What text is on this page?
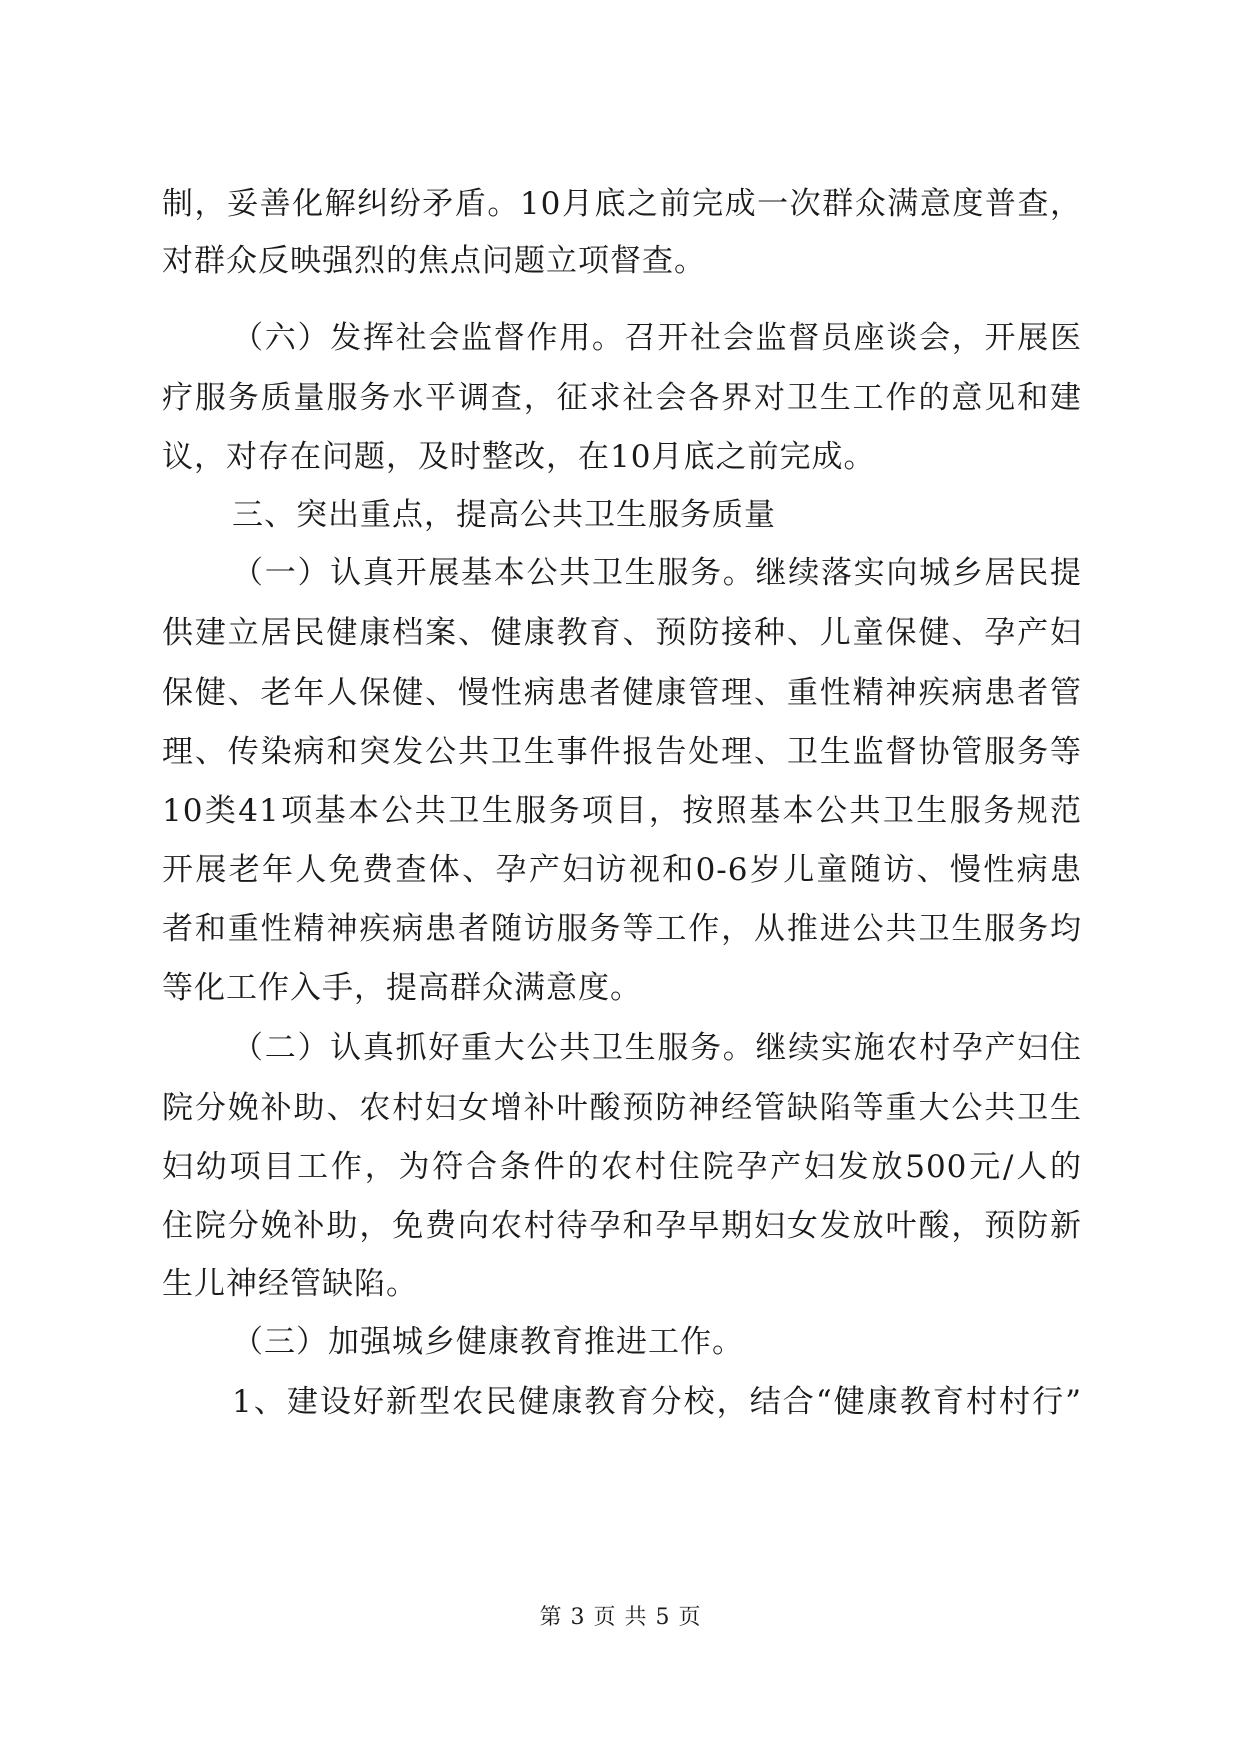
制，妥善化解纠纷矛盾。10月底之前完成一次群众满意度普查，
对群众反映强烈的焦点问题立项督查。
（六）发挥社会监督作用。召开社会监督员座谈会，开展医
疗服务质量服务水平调查，征求社会各界对卫生工作的意见和建
议，对存在问题，及时整改，在10月底之前完成。
三、突出重点，提高公共卫生服务质量
（一）认真开展基本公共卫生服务。继续落实向城乡居民提
供建立居民健康档案、健康教育、预防接种、儿童保健、孕产妇
保健、老年人保健、慢性病患者健康管理、重性精神疾病患者管
理、传染病和突发公共卫生事件报告处理、卫生监督协管服务等
10类41项基本公共卫生服务项目，按照基本公共卫生服务规范
开展老年人免费查体、孕产妇访视和0-6岁儿童随访、慢性病患
者和重性精神疾病患者随访服务等工作，从推进公共卫生服务均
等化工作入手，提高群众满意度。
（二）认真抓好重大公共卫生服务。继续实施农村孕产妇住
院分娩补助、农村妇女增补叶酸预防神经管缺陷等重大公共卫生
妇幼项目工作，为符合条件的农村住院孕产妇发放500元/人的
住院分娩补助，免费向农村待孕和孕早期妇女发放叶酸，预防新
生儿神经管缺陷。
（三）加强城乡健康教育推进工作。
1、建设好新型农民健康教育分校，结合“健康教育村村行”
第 3 页 共 5 页
